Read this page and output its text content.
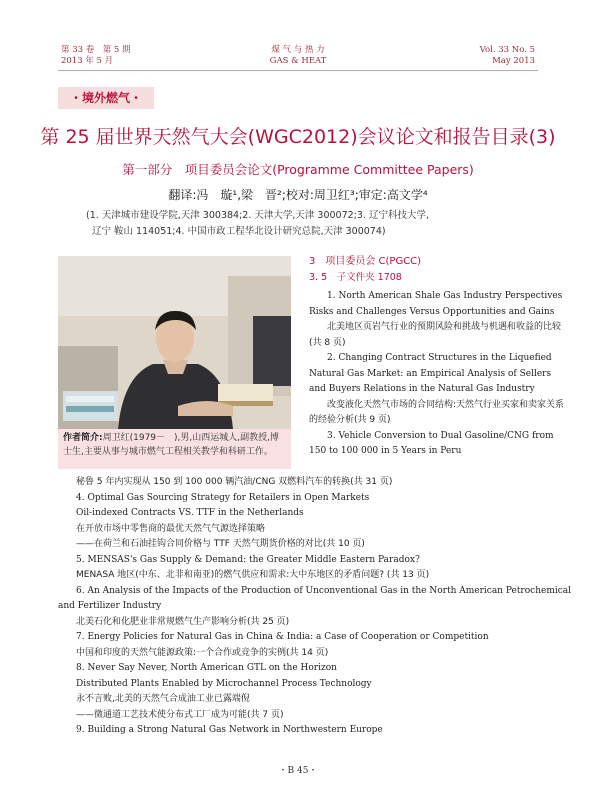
第 33 卷　第 5 期
2013 年 5 月
煤 气 与 热 力
GAS & HEAT
Vol. 33 No. 5
May 2013
・境外燃气・
第 25 届世界天然气大会(WGC2012)会议论文和报告目录(3)
第一部分　项目委员会论文(Programme Committee Papers)
翻译:冯　璇¹,梁　晋²;校对:周卫红³;审定:高文学⁴
(1. 天津城市建设学院,天津 300384;2. 天津大学,天津 300072;3. 辽宁科技大学,
辽宁 鞍山 114051;4. 中国市政工程华北设计研究总院,天津 300074)
作者简介:周卫红(1979－　),男,山西运城人,副教授,博士生,主要从事与城市燃气工程相关教学和科研工作。
3　项目委员会 C(PGCC)
3. 5　子文件夹 1708
1. North American Shale Gas Industry Perspectives Risks and Challenges Versus Opportunities and Gains
北美地区页岩气行业的预期风险和挑战与机遇和收益的比较(共 8 页)
2. Changing Contract Structures in the Liquefied Natural Gas Market: an Empirical Analysis of Sellers and Buyers Relations in the Natural Gas Industry
改变液化天然气市场的合同结构:天然气行业买家和卖家关系的经验分析(共 9 页)
3. Vehicle Conversion to Dual Gasoline/CNG from 150 to 100 000 in 5 Years in Peru
秘鲁 5 年内实现从 150 到 100 000 辆汽油/CNG 双燃料汽车的转换(共 31 页)
4. Optimal Gas Sourcing Strategy for Retailers in Open Markets
Oil-indexed Contracts VS. TTF in the Netherlands
在开放市场中零售商的最优天然气气源选择策略
——在荷兰和石油挂钩合同价格与 TTF 天然气期货价格的对比(共 10 页)
5. MENSAS's Gas Supply & Demand: the Greater Middle Eastern Paradox?
MENASA 地区(中东、北非和南亚)的燃气供应和需求:大中东地区的矛盾问题? (共 13 页)
6. An Analysis of the Impacts of the Production of Unconventional Gas in the North American Petrochemical and Fertilizer Industry
北美石化和化肥业非常规燃气生产影响分析(共 25 页)
7. Energy Policies for Natural Gas in China & India: a Case of Cooperation or Competition
中国和印度的天然气能源政策:一个合作或竞争的实例(共 14 页)
8. Never Say Never, North American GTL on the Horizon
Distributed Plants Enabled by Microchannel Process Technology
永不言败,北美的天然气合成油工业已露端倪
——微通道工艺技术使分布式工厂成为可能(共 7 页)
9. Building a Strong Natural Gas Network in Northwestern Europe
・B 45・
